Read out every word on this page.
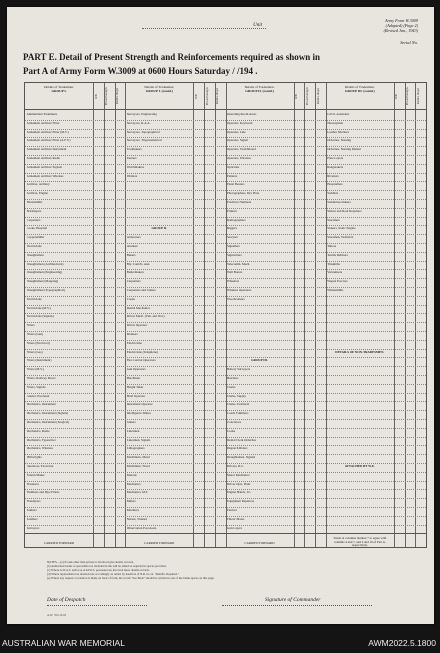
Unit
Army Form W.3009
(Adapted) (Page 2)
(Revised Jan., 1943)
Serial No.
PART E. Detail of Present Strength and Reinforcements required as shown in
Part A of Army Form W.3009 at 0600 Hours Saturday / /194 .
Details of Tradesmen.
GROUP I.
W.E.	Posted Strength	Reinfts. Reqd.
Ammunition Examiners
Armament Artificer Fitter
Armament Artificer Fitter (M.V.)
Armament Artificer Fitter (A.F.V.)
Armament Artificer Instrument
Armament Artificer Radio
Armament Artificer Signals
Armament Artificer Wireless
Artificer, Artillery
Artificer, Engine
Blacksmiths
Bricklayers
Carpenters
Cooks, Hospital
Coppersmiths
Electricians
Draughtsmen
Draughtsmen (Architectural)
Draughtsmen (Engineering)
Draughtsmen (Mapping)
Draughtsmen (Topographical)
Electricians
Electricians (M.V.)
Electricians (Signals)
Fitters
Fitters (Gun)
Fitters (Electrical)
Fitters (Gas)
Fitters (Instrument)
Fitters (M.V.)
Fitters, Railway Motor
Fitters, Signals
Glazier, Precision
Mechanics, Instrument
Mechanics, Instrument (Signals)
Mechanics, Instrument (Surgical)
Mechanics, Radio
Mechanics, Typewriter
Mechanics, Wireless
Millwrights
Operators, Excavator
Pattern Maker
Plasterers
Plumbers and Pipe Fitters
Platelayers
Painters
Saddlers
Surveyors
Details of Tradesmen.
GROUP I. (contd.)
W.E.	Posted Strength	Reinfts. Reqd.
Surveyors, Engineering
Surveyors, R.A.A.
Surveyors, Topographical
Surveyors, Trigonometrical
Toolmakers
Turners
Watchmakers
Welders
GROUP II.
Armourers
Avenues
Bakers
Bty. Comd's. Asst.
Boilermakers
Carpenters
Carpenters and Joiners
Cooks
Dental Mechanics
Driver Mech. (Veh. and Ord.)
Driver Operator
Drainers
Electricians
Electricians (Telephone)
Fire Control Operators
Gun Operators
Hatchmen
Height Taker
Hold Operator
Instrument Operator
Intelligence Duties
Joiners
Linesmen
Linesmen, Signals
Lithographers
Machinists, Metal
Machinists, Wood
Masons
Mechanics
Mechanics, M.T.
Miners
Moulders
Nurses, Trained
Observation Post Assts.
Details of Tradesmen.
GROUP II. (contd.)
W.E.	Posted Strength	Reinfts. Reqd.
Operating Room Assts.
Operator, Keyboard
Operator, Line
Operator, Signal
Operator, Switchboard
Operator, Wireless
Opticians
Painters
Panel Beaters
Photographers, Dry Plate
Predictor Numbers
Printers
Radiographers
Riggers
Sawyers
Signallers
Signwriters
Telecomm. Mech.
Wall Borers
Wheelers
Wireless Operators
Woodworkers
GROUP III.
Battery Surveyors
Butchers
Clerks
Clerks, Supply
Clerks, Technical
Coach Trimmers
Concretors
Cooks
Dental Clerk Orderlies
Dispatch Riders
Draughtsmen, Signals
Drivers, R.C.
Motor Mechanics
Driver Opts. Plant
Engine Hands, I.C.
Equipment Repairers
Farriers
Fitters' Mates
Gun Layers
Details of Tradesmen.
GROUP III. (contd.)
W.E.	Posted Strength	Reinfts. Reqd.
G.P.O. Assistants
Nurserymen
Leather Stitchers
Orderlies, Nursing
Orderlies, Nursing Mental
Plate Layers
Rangetakers
Rivetters
Hospitallers
Saddlers
Saddletree makers
Slaters and Roof Repairers
Storemen
Stokers, Static Engine
Storemen, Technical
Tailors
Textile Refitters
Tinsmiths
Vulcanisers
Wagon Erectors
Whitesmiths
DETAILS OF NON-TRADESMEN.
ATTACHED BY W.E.
CARRIED FORWARD	CARRIED FORWARD	CARRIED FORWARD
Totals of columns marked * to agree with columns 4 and 7, and 2 and 10 of Part A. respectively.
NOTES.—(a) If rank other than private is involved give details on back.
(b) Authorised trades or specialists not included in the will be added as required in spaces provided.
(c) Where A.W.A.S. and/or A.A.M.W.S. personnel are involved show details on back.
(d) Where replacement not desired note accordingly on return by insertion of N.R. in col. "Reinfts. Required."
(e) Where any request or notation is made on back of form, the words "See Back" should be written in one of the blank spaces on this page.
Date of Despatch	Signature of Commander
A.W. 354 12/43
AUSTRALIAN WAR MEMORIAL	AWM2022.5.1800
